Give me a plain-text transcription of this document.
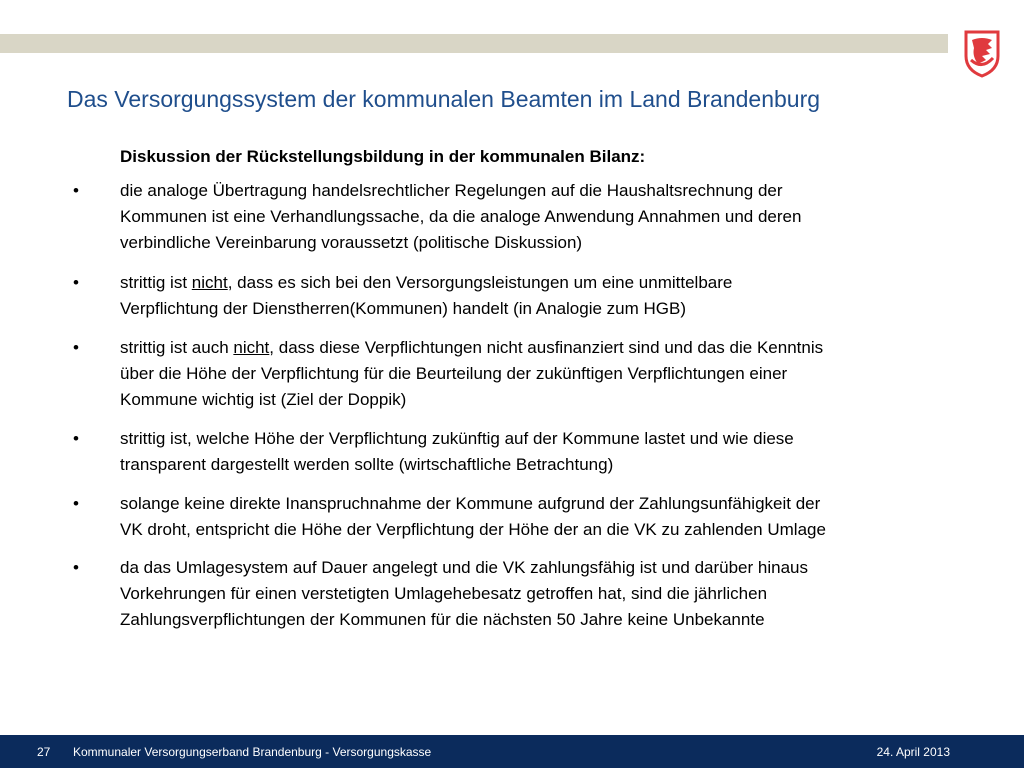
Das Versorgungssystem der kommunalen Beamten im Land Brandenburg
Diskussion der Rückstellungsbildung in der kommunalen Bilanz:
• die analoge Übertragung handelsrechtlicher Regelungen auf die Haushaltsrechnung der
Kommunen ist eine Verhandlungssache, da die analoge Anwendung Annahmen und deren
verbindliche Vereinbarung voraussetzt (politische Diskussion)
• strittig ist nicht, dass es sich bei den Versorgungsleistungen um eine unmittelbare
Verpflichtung der Dienstherren(Kommunen) handelt (in Analogie zum HGB)
• strittig ist auch nicht, dass diese Verpflichtungen nicht ausfinanziert sind und das die Kenntnis
über die Höhe der Verpflichtung für die Beurteilung der zukünftigen Verpflichtungen einer
Kommune wichtig ist (Ziel der Doppik)
• strittig ist, welche Höhe der Verpflichtung zukünftig auf der Kommune lastet und wie diese
transparent dargestellt werden sollte (wirtschaftliche Betrachtung)
• solange keine direkte Inanspruchnahme der Kommune aufgrund der Zahlungsunfähigkeit der
VK droht, entspricht die Höhe der Verpflichtung der Höhe der an die VK zu zahlenden Umlage
• da das Umlagesystem auf Dauer angelegt und die VK zahlungsfähig ist und darüber hinaus
Vorkehrungen für einen verstetigten Umlagehebesatz getroffen hat, sind die jährlichen
Zahlungsverpflichtungen der Kommunen für die nächsten 50 Jahre keine Unbekannte
27 Kommunaler Versorgungserband Brandenburg - Versorgungskasse	24. April 2013
